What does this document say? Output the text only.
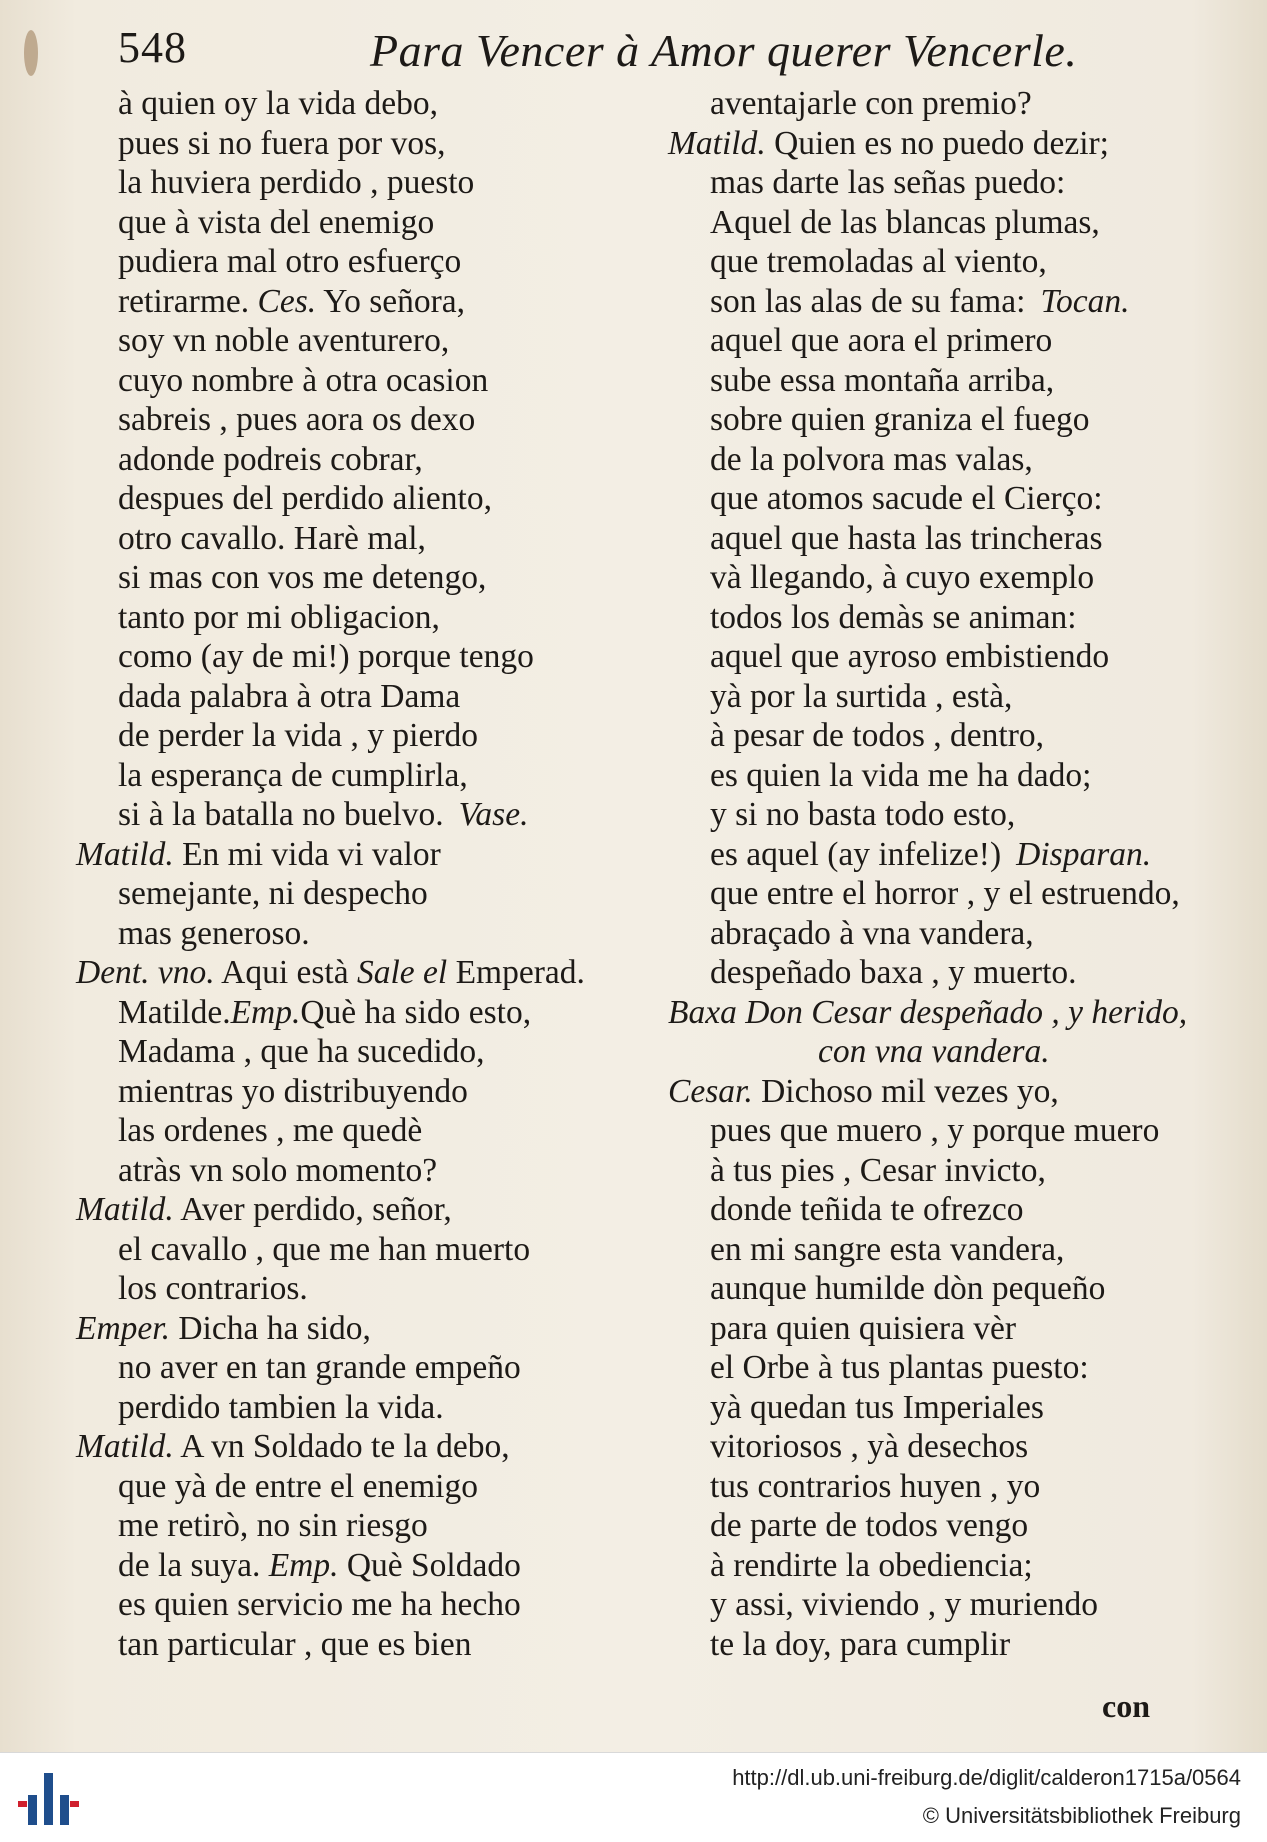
548	Para Vencer à Amor querer Vencerle.
à quien oy la vida debo,
pues si no fuera por vos,
la huviera perdido , puesto
que à vista del enemigo
pudiera mal otro esfuerço
retirarme. Ces. Yo señora,
soy vn noble aventurero,
cuyo nombre à otra ocasion
sabreis , pues aora os dexo
adonde podreis cobrar,
despues del perdido aliento,
otro cavallo. Harè mal,
si mas con vos me detengo,
tanto por mi obligacion,
como (ay de mi!) porque tengo
dada palabra à otra Dama
de perder la vida , y pierdo
la esperança de cumplirla,
si à la batalla no buelvo. Vase.
Matild. En mi vida vi valor
semejante, ni despecho
mas generoso.
Dent. vno. Aqui està Sale el Emperad.
Matilde.Emp.Què ha sido esto,
Madama , que ha sucedido,
mientras yo distribuyendo
las ordenes , me quedè
atràs vn solo momento?
Matild. Aver perdido, señor,
el cavallo , que me han muerto
los contrarios.
Emper. Dicha ha sido,
no aver en tan grande empeño
perdido tambien la vida.
Matild. A vn Soldado te la debo,
que yà de entre el enemigo
me retirò, no sin riesgo
de la suya. Emp. Què Soldado
es quien servicio me ha hecho
tan particular , que es bien
aventajarle con premio?
Matild. Quien es no puedo dezir;
mas darte las señas puedo:
Aquel de las blancas plumas,
que tremoladas al viento,
son las alas de su fama: Tocan.
aquel que aora el primero
sube essa montaña arriba,
sobre quien graniza el fuego
de la polvora mas valas,
que atomos sacude el Cierço:
aquel que hasta las trincheras
và llegando, à cuyo exemplo
todos los demàs se animan:
aquel que ayroso embistiendo
yà por la surtida , està,
à pesar de todos , dentro,
es quien la vida me ha dado;
y si no basta todo esto,
es aquel (ay infelize!) Disparan.
que entre el horror , y el estruendo,
abraçado à vna vandera,
despeñado baxa , y muerto.
Baxa Don Cesar despeñado , y herido,
con vna vandera.
Cesar. Dichoso mil vezes yo,
pues que muero , y porque muero
à tus pies , Cesar invicto,
donde teñida te ofrezco
en mi sangre esta vandera,
aunque humilde dòn pequeño
para quien quisiera vèr
el Orbe à tus plantas puesto:
yà quedan tus Imperiales
vitoriosos , yà desechos
tus contrarios huyen , yo
de parte de todos vengo
à rendirte la obediencia;
y assi, viviendo , y muriendo
te la doy, para cumplir
con
http://dl.ub.uni-freiburg.de/diglit/calderon1715a/0564
© Universitätsbibliothek Freiburg
